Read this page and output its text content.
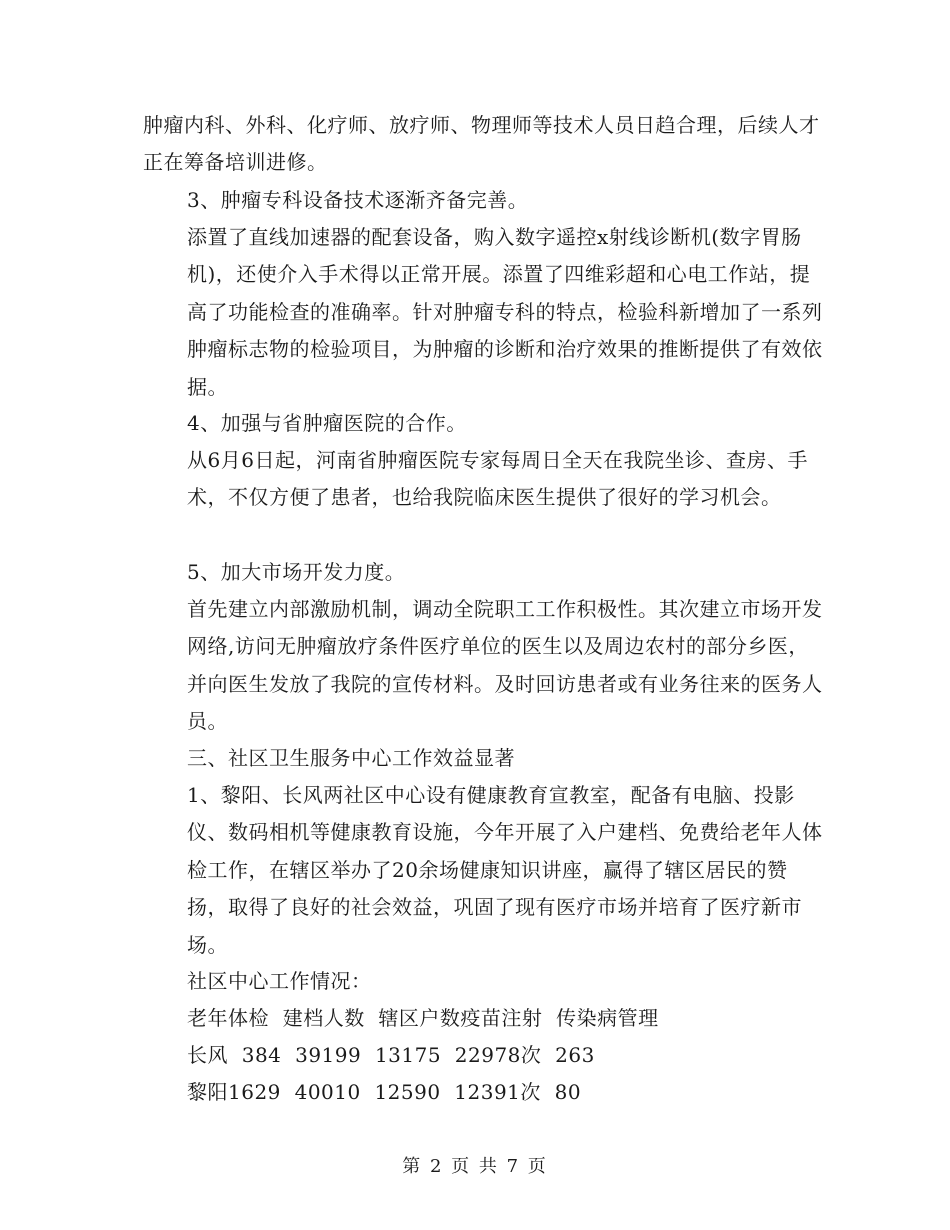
肿瘤内科、外科、化疗师、放疗师、物理师等技术人员日趋合理，后续人才正在筹备培训进修。

3、肿瘤专科设备技术逐渐齐备完善。

添置了直线加速器的配套设备，购入数字遥控x射线诊断机(数字胃肠机)，还使介入手术得以正常开展。添置了四维彩超和心电工作站，提高了功能检查的准确率。针对肿瘤专科的特点，检验科新增加了一系列肿瘤标志物的检验项目，为肿瘤的诊断和治疗效果的推断提供了有效依据。

4、加强与省肿瘤医院的合作。

从6月6日起，河南省肿瘤医院专家每周日全天在我院坐诊、查房、手术，不仅方便了患者，也给我院临床医生提供了很好的学习机会。

5、加大市场开发力度。

首先建立内部激励机制，调动全院职工工作积极性。其次建立市场开发网络,访问无肿瘤放疗条件医疗单位的医生以及周边农村的部分乡医，并向医生发放了我院的宣传材料。及时回访患者或有业务往来的医务人员。

三、社区卫生服务中心工作效益显著

1、黎阳、长风两社区中心设有健康教育宣教室，配备有电脑、投影仪、数码相机等健康教育设施，今年开展了入户建档、免费给老年人体检工作，在辖区举办了20余场健康知识讲座，赢得了辖区居民的赞扬，取得了良好的社会效益，巩固了现有医疗市场并培育了医疗新市场。

社区中心工作情况：

老年体检  建档人数  辖区户数疫苗注射  传染病管理

长风  384  39199  13175  22978次  263

黎阳1629  40010  12590  12391次  80

第 2 页 共 7 页
